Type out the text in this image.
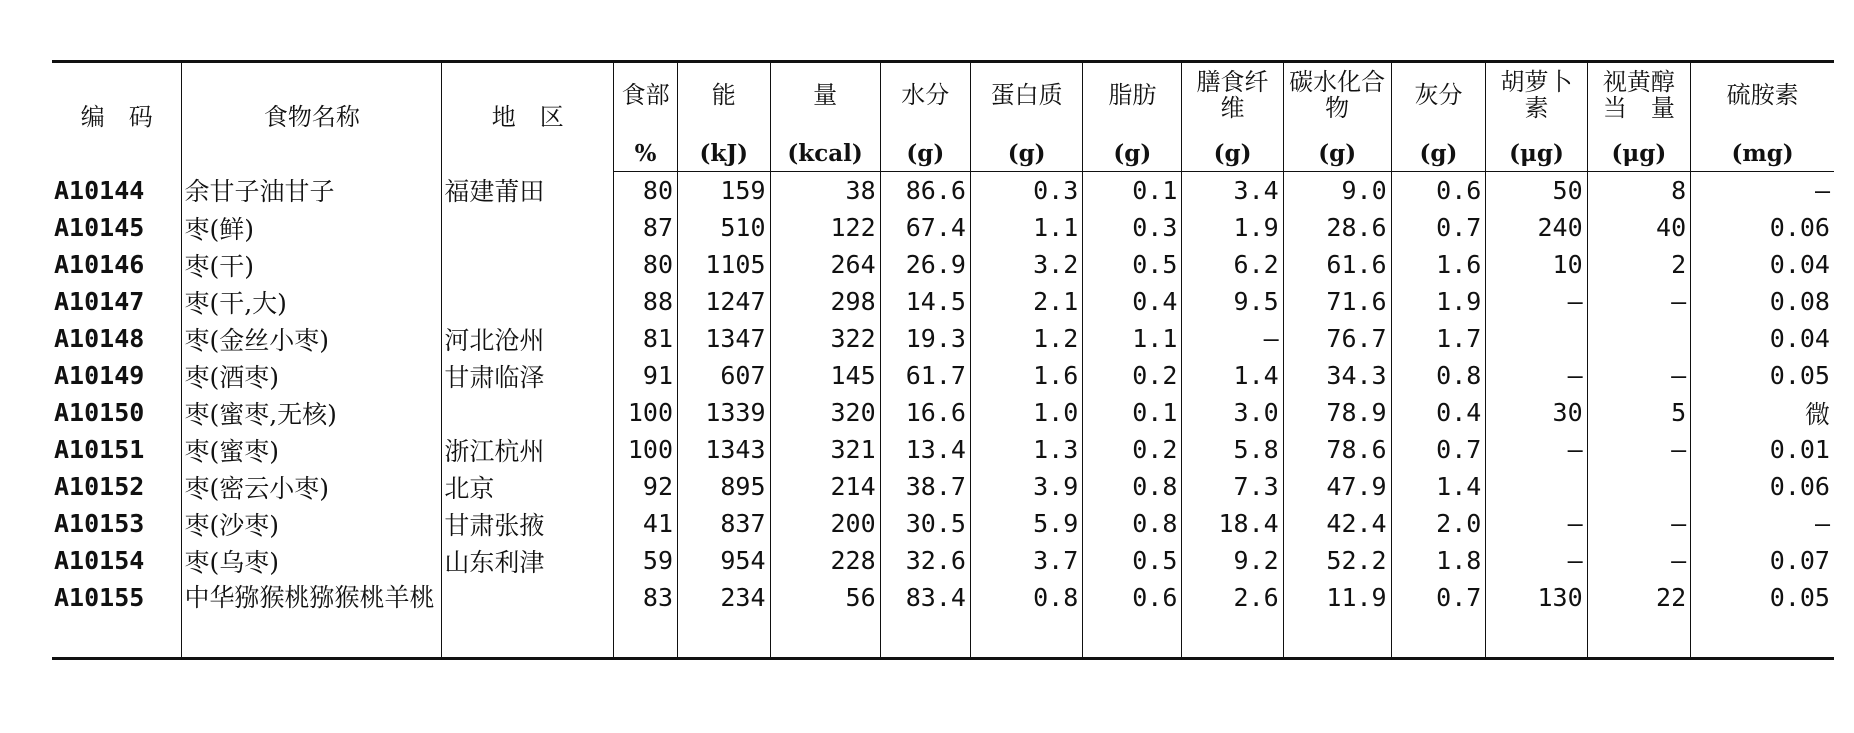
编　码	食物名称	地　区	食部	能	量	水分	蛋白质	脂肪	膳食纤维	碳水化合物	灰分	胡萝卜素	视黄醇当　量	硫胺素
			%	(kJ)	(kcal)	(g)	(g)	(g)	(g)	(g)	(g)	(μg)	(μg)	(mg)
A10144	余甘子油甘子	福建莆田	80	159	38	86.6	0.3	0.1	3.4	9.0	0.6	50	8	—
A10145	枣(鲜)		87	510	122	67.4	1.1	0.3	1.9	28.6	0.7	240	40	0.06
A10146	枣(干)		80	1105	264	26.9	3.2	0.5	6.2	61.6	1.6	10	2	0.04
A10147	枣(干,大)		88	1247	298	14.5	2.1	0.4	9.5	71.6	1.9	—	—	0.08
A10148	枣(金丝小枣)	河北沧州	81	1347	322	19.3	1.2	1.1	—	76.7	1.7			0.04
A10149	枣(酒枣)	甘肃临泽	91	607	145	61.7	1.6	0.2	1.4	34.3	0.8	—	—	0.05
A10150	枣(蜜枣,无核)		100	1339	320	16.6	1.0	0.1	3.0	78.9	0.4	30	5	微
A10151	枣(蜜枣)	浙江杭州	100	1343	321	13.4	1.3	0.2	5.8	78.6	0.7	—	—	0.01
A10152	枣(密云小枣)	北京	92	895	214	38.7	3.9	0.8	7.3	47.9	1.4			0.06
A10153	枣(沙枣)	甘肃张掖	41	837	200	30.5	5.9	0.8	18.4	42.4	2.0	—	—	—
A10154	枣(乌枣)	山东利津	59	954	228	32.6	3.7	0.5	9.2	52.2	1.8	—	—	0.07
A10155	中华猕猴桃猕猴桃羊桃		83	234	56	83.4	0.8	0.6	2.6	11.9	0.7	130	22	0.05
